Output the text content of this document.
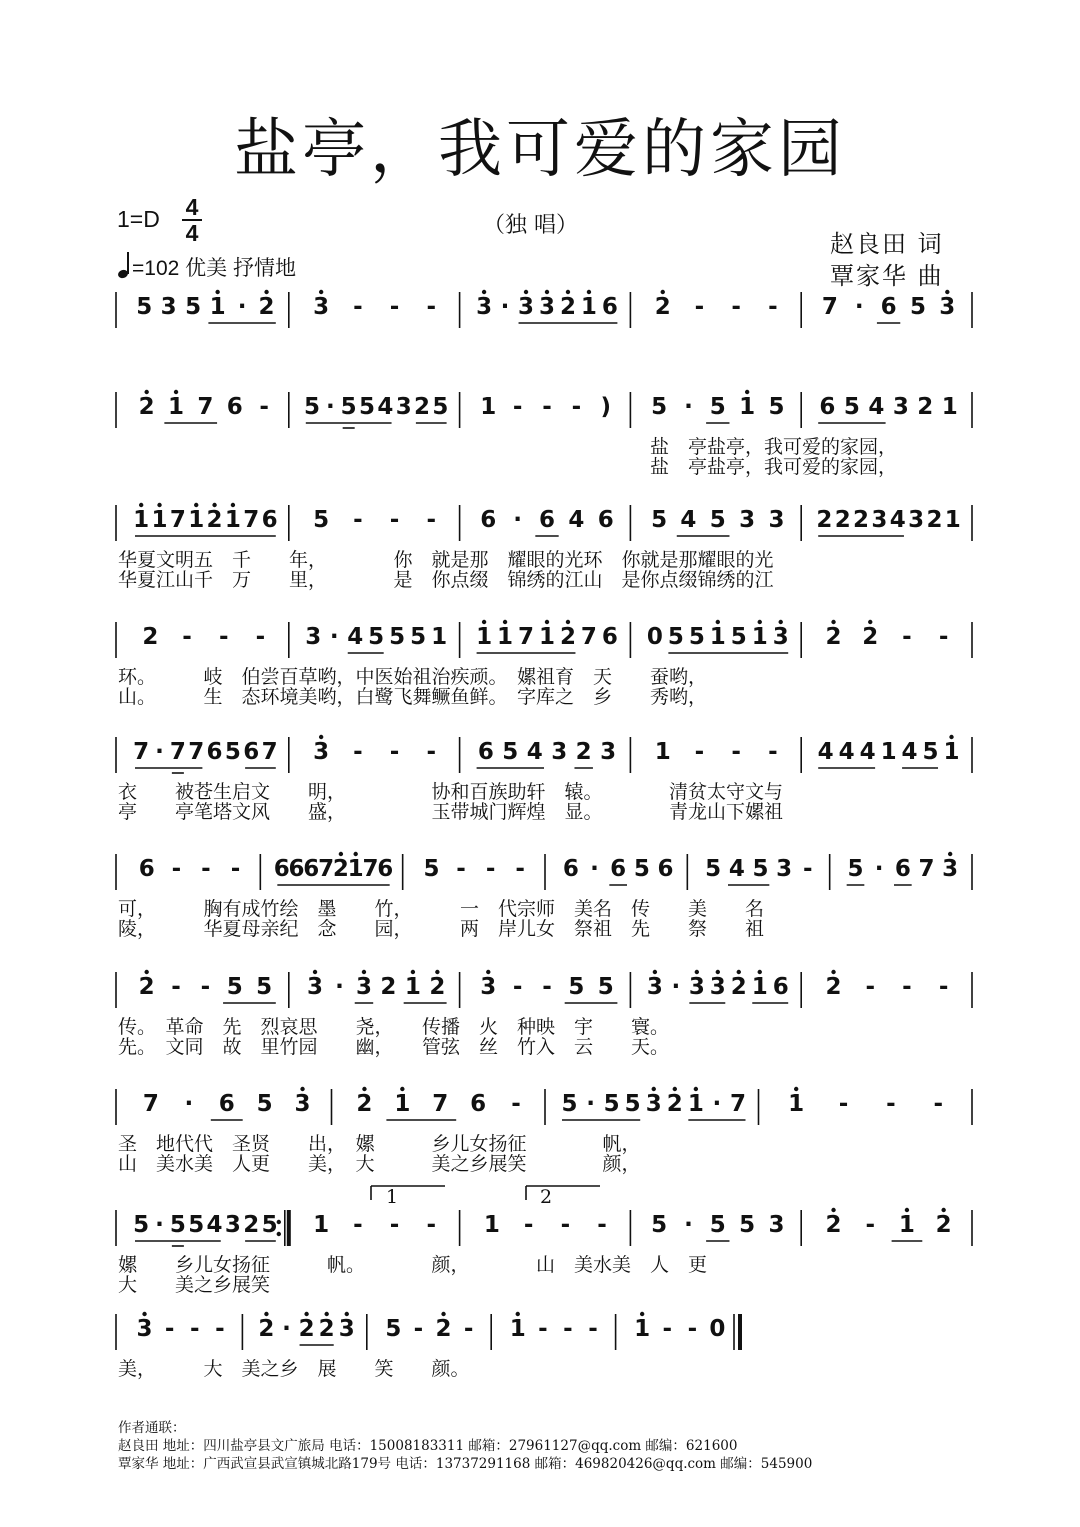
盐亭，我可爱的家园
1=D 4
4
=102 优美 抒情地
（独 唱）
赵良田 词
覃家华 曲
作者通联：
赵良田 地址：四川盐亭县文广旅局 电话：15008183311 邮箱：27961127@qq.com 邮编：621600
覃家华 地址：广西武宣县武宣镇城北路179号 电话：13737291168 邮箱：469820426@qq.com 邮编：545900
5 3 5 1 · 2 3 - - - 3 · 3 3 2 1 6 2 - - - 7 · 6 5 3
2 1 7 6 - 5 · 5 5 4 3 2 5 1 - - - ) 5 · 5 1 5 6 5 4 3 2 1
盐　亭盐亭，我可爱的家园，
盐　亭盐亭，我可爱的家园，
1 1 7 1 2 1 7 6 5 - - - 6 · 6 4 6 5 4 5 3 3 2 2 2 3 4 3 2 1
华夏文明五　千　　年，　　　　你　就是那　耀眼的光环　你就是那耀眼的光
华夏江山千　万　　里，　　　　是　你点缀　锦绣的江山　是你点缀锦绣的江
2 - - - 3 · 4 5 5 5 1 1 1 7 1 2 7 6 0 5 5 1 5 1 3 2 2 - -
环。　　　岐　伯尝百草哟，中医始祖治疾顽。　嫘祖育　天　　蚕哟，
山。　　　生　态环境美哟，白鹭飞舞鳜鱼鲜。　字库之　乡　　秀哟，
7 · 7 7 6 5 6 7 3 - - - 6 5 4 3 2 3 1 - - - 4 4 4 1 4 5 1
衣　　被苍生启文　　明，　　　　　协和百族助轩　辕。　　　　清贫太守文与
亭　　亭笔塔文风　　盛，　　　　　玉带城门辉煌　显。　　　　青龙山下嫘祖
6 - - - 6
6
6
7
2
1
7
6 5 - - - 6 · 6 5 6 5 4 5 3 - 5 · 6 7 3
可，　　　胸有成竹绘　墨　　竹，　　　一　代宗师　美名　传　　美　　名
陵，　　　华夏母亲纪　念　　园，　　　两　岸儿女　祭祖　先　　祭　　祖
2 - - 5 5 3 · 3 2 1 2 3 - - 5 5 3 · 3 3 2 1 6 2 - - -
传。　革命　先　烈哀思　　尧，　　传播　火　种映　宇　　寰。
先。　文同　故　里竹园　　幽，　　管弦　丝　竹入　云　　天。
7 · 6 5 3 2 1 7 6 - 5 · 5 5 3 2 1 · 7 1 - - -
圣　地代代　圣贤　　出，　嫘　　　乡儿女扬征　　　　帆，
山　美水美　人更　　美，　大　　　美之乡展笑　　　　颜，
5 · 5 5 4 3 2 5 1 - - - 1 - - - 5 · 5 5 3 2 - 1 2
嫘　　乡儿女扬征　　　帆。　　　　颜，　　　　山　美水美　人　更
大　　美之乡展笑
3 - - - 2 · 2 2 3 5 - 2 - 1 - - - 1 - - 0
美，　　　大　美之乡　展　　笑　　颜。
1	2
